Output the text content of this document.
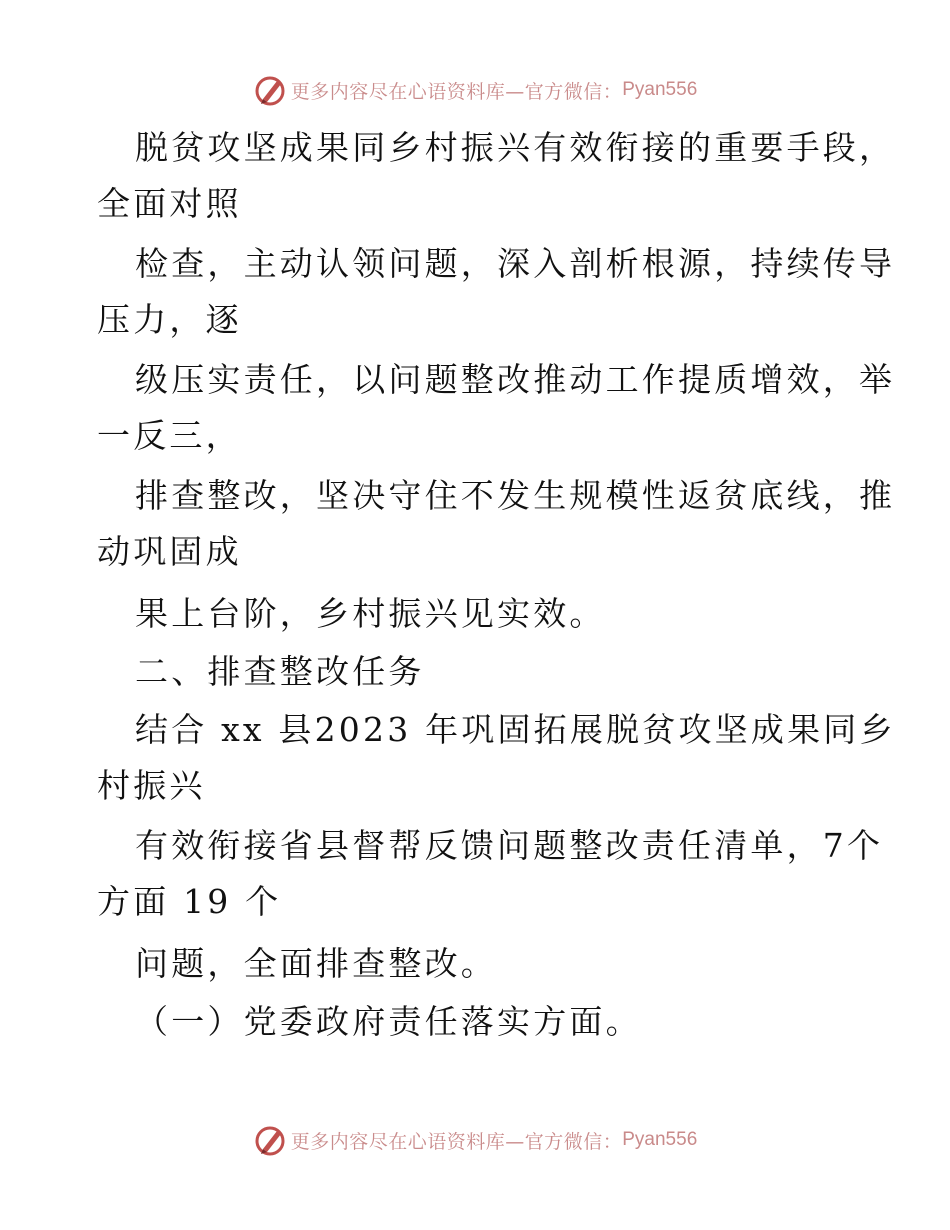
更多内容尽在心语资料库—官方微信： Pyan556
脱贫攻坚成果同乡村振兴有效衔接的重要手段，
全面对照
检查，主动认领问题，深入剖析根源，持续传导
压力，逐
级压实责任，以问题整改推动工作提质增效，举
一反三，
排查整改，坚决守住不发生规模性返贫底线，推
动巩固成
果上台阶，乡村振兴见实效。
二、排查整改任务
结合 xx 县2023 年巩固拓展脱贫攻坚成果同乡
村振兴
有效衔接省县督帮反馈问题整改责任清单，7个
方面 19 个
问题，全面排查整改。
（一）党委政府责任落实方面。
更多内容尽在心语资料库—官方微信： Pyan556
